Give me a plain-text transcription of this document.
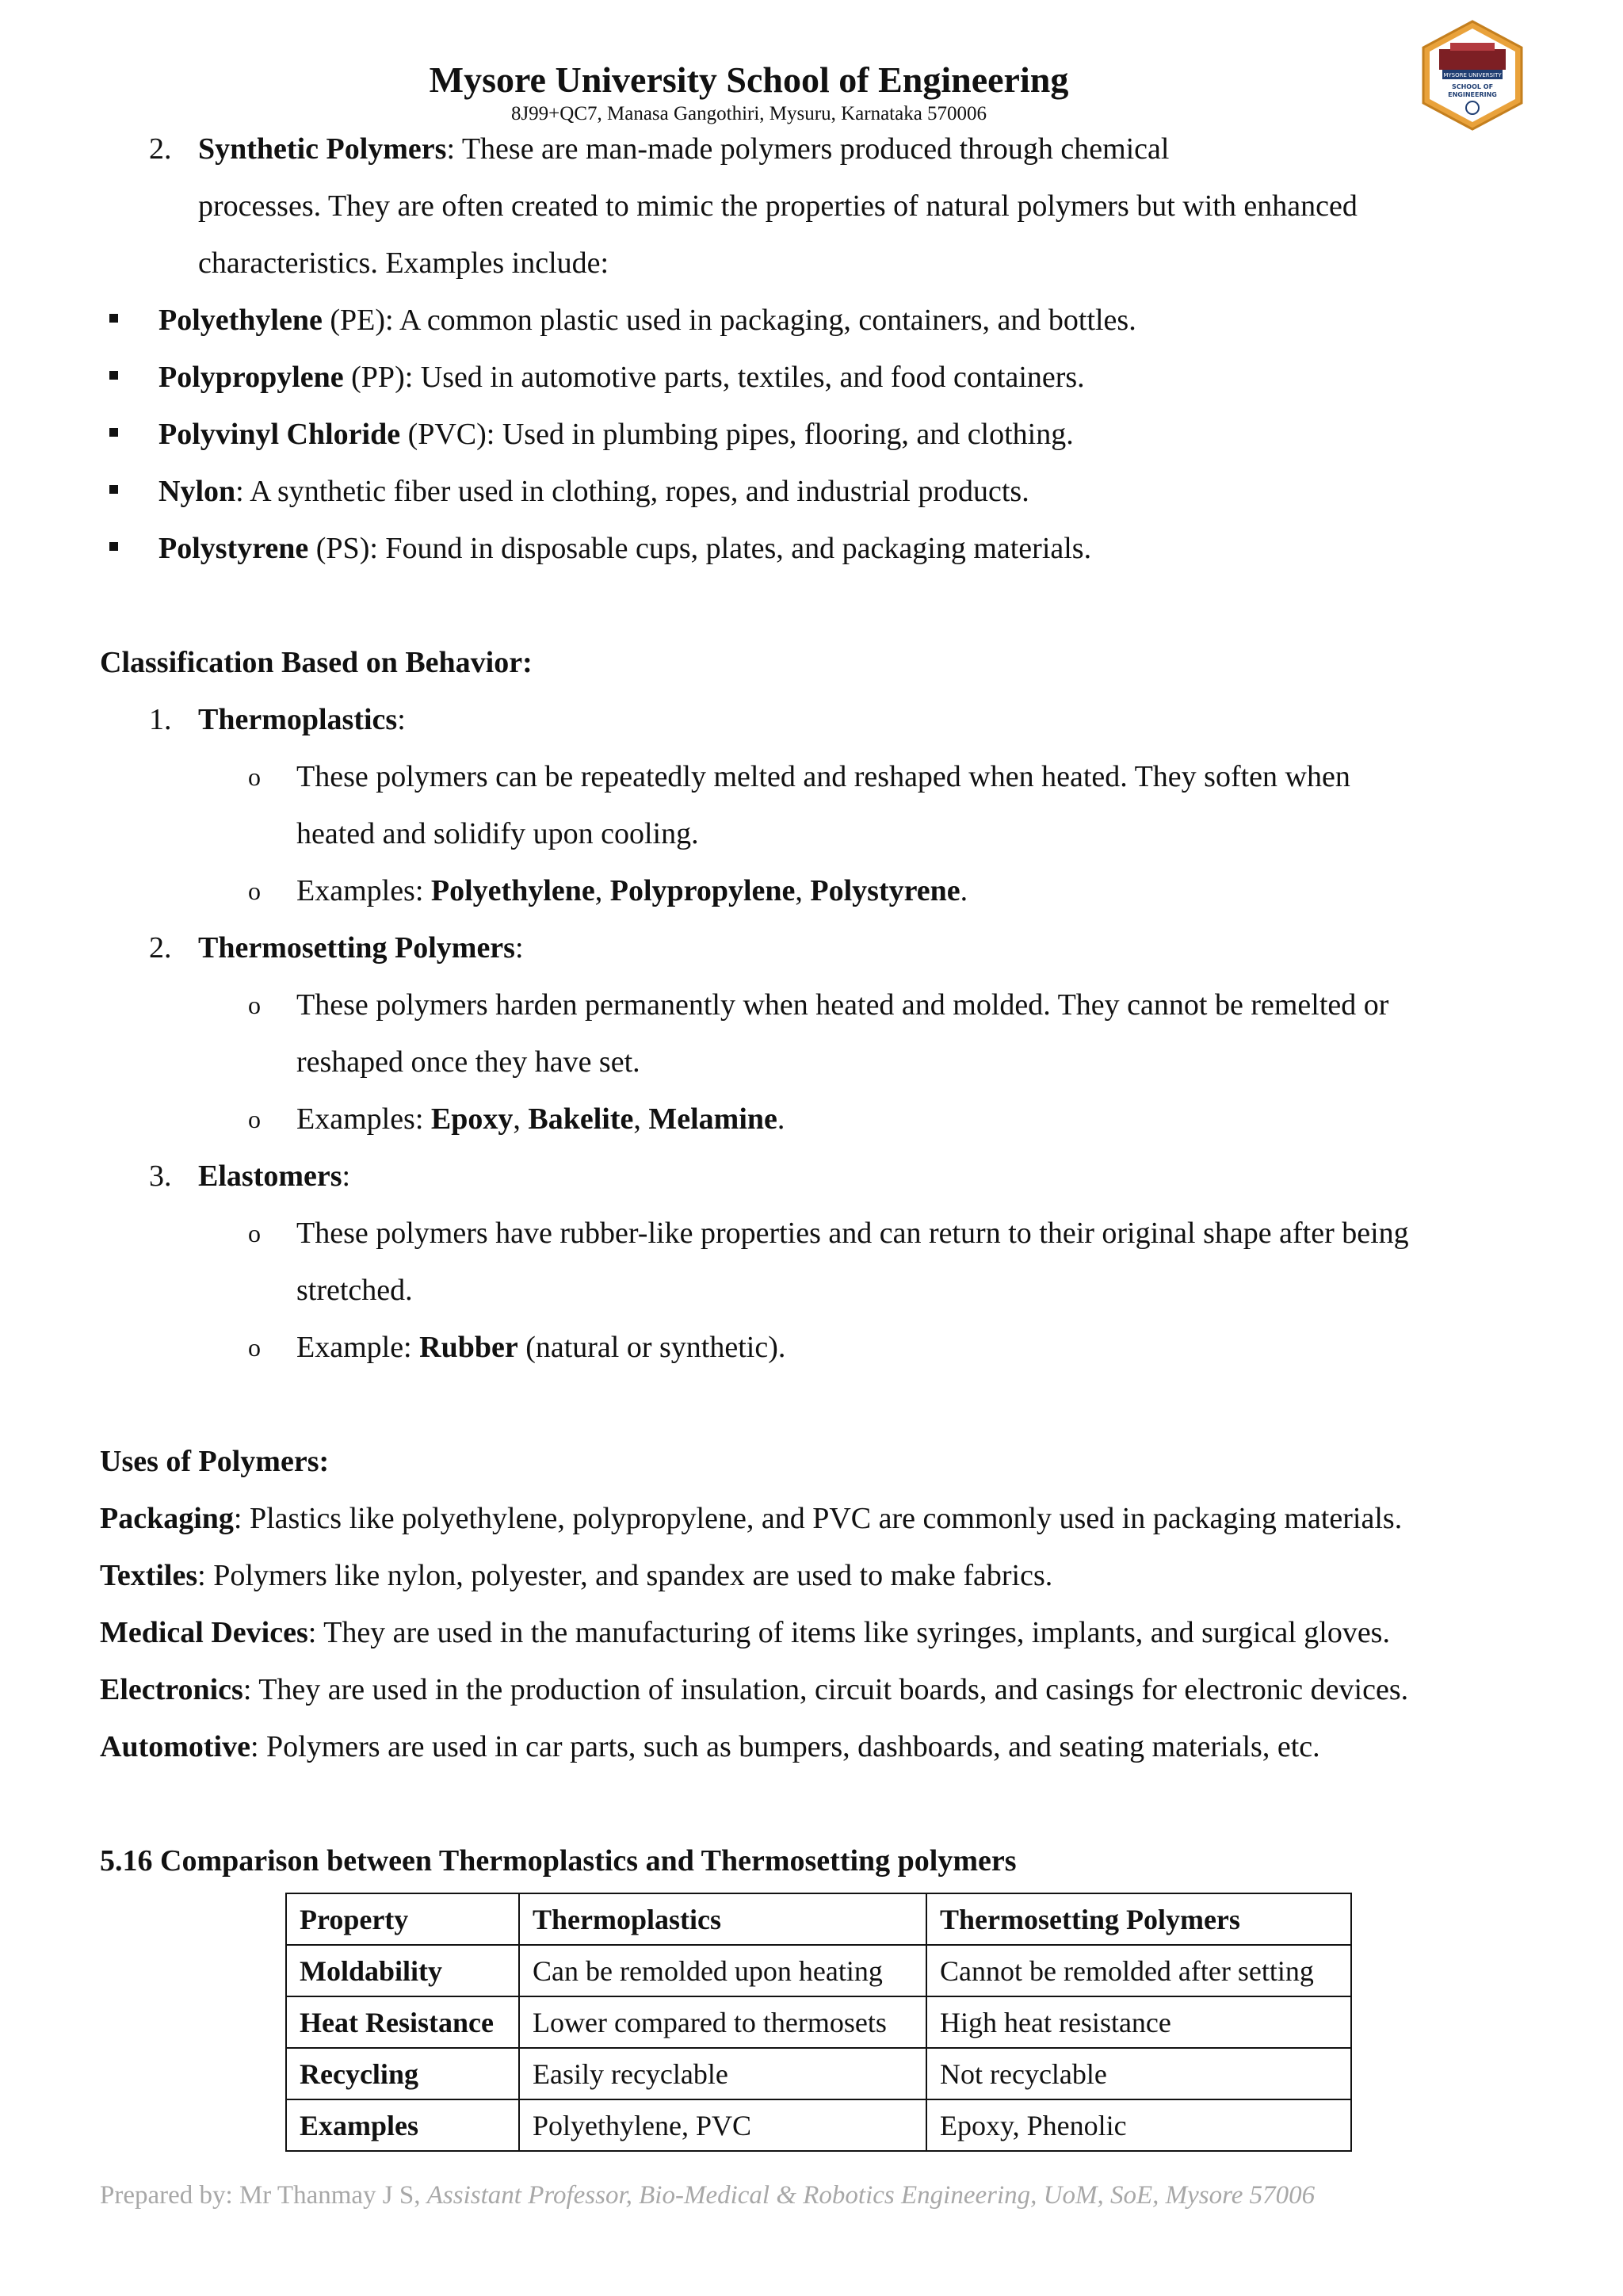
Mysore University School of Engineering
8J99+QC7, Manasa Gangothiri, Mysuru, Karnataka 570006
MYSORE UNIVERSITY
SCHOOL OF
ENGINEERING
2. Synthetic Polymers: These are man-made polymers produced through chemical
processes. They are often created to mimic the properties of natural polymers but with enhanced
characteristics. Examples include:
Polyethylene (PE): A common plastic used in packaging, containers, and bottles.
Polypropylene (PP): Used in automotive parts, textiles, and food containers.
Polyvinyl Chloride (PVC): Used in plumbing pipes, flooring, and clothing.
Nylon: A synthetic fiber used in clothing, ropes, and industrial products.
Polystyrene (PS): Found in disposable cups, plates, and packaging materials.
Classification Based on Behavior:
1. Thermoplastics:
o These polymers can be repeatedly melted and reshaped when heated. They soften when
heated and solidify upon cooling.
o Examples: Polyethylene, Polypropylene, Polystyrene.
2. Thermosetting Polymers:
o These polymers harden permanently when heated and molded. They cannot be remelted or
reshaped once they have set.
o Examples: Epoxy, Bakelite, Melamine.
3. Elastomers:
o These polymers have rubber-like properties and can return to their original shape after being
stretched.
o Example: Rubber (natural or synthetic).
Uses of Polymers:
Packaging: Plastics like polyethylene, polypropylene, and PVC are commonly used in packaging materials.
Textiles: Polymers like nylon, polyester, and spandex are used to make fabrics.
Medical Devices: They are used in the manufacturing of items like syringes, implants, and surgical gloves.
Electronics: They are used in the production of insulation, circuit boards, and casings for electronic devices.
Automotive: Polymers are used in car parts, such as bumpers, dashboards, and seating materials, etc.
5.16 Comparison between Thermoplastics and Thermosetting polymers
Property	Thermoplastics	Thermosetting Polymers
Moldability	Can be remolded upon heating	Cannot be remolded after setting
Heat Resistance	Lower compared to thermosets	High heat resistance
Recycling	Easily recyclable	Not recyclable
Examples	Polyethylene, PVC	Epoxy, Phenolic
Prepared by: Mr Thanmay J S, Assistant Professor, Bio-Medical & Robotics Engineering, UoM, SoE, Mysore 57006
